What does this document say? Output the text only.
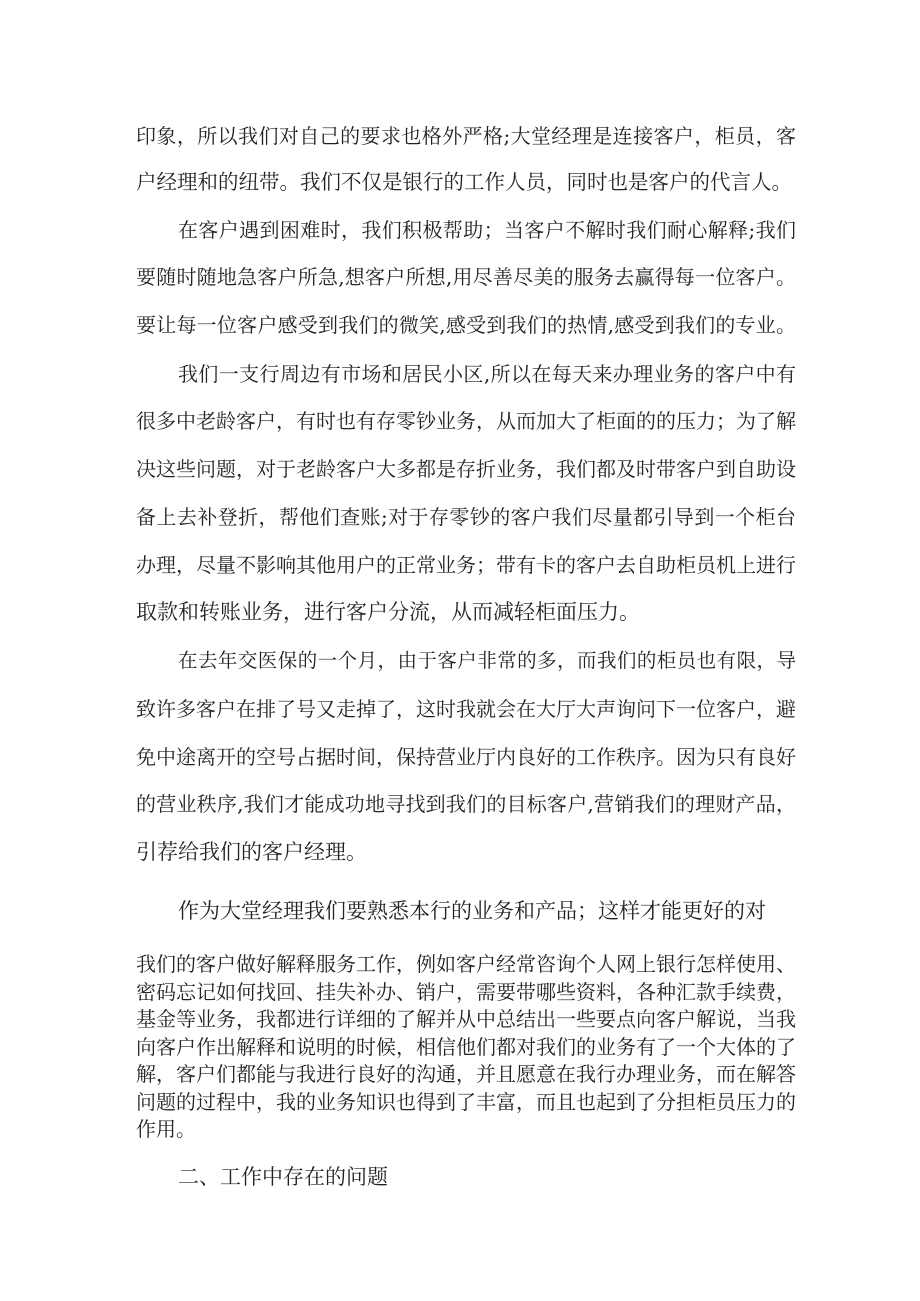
印象，所以我们对自己的要求也格外严格;大堂经理是连接客户，柜员，客
户经理和的纽带。我们不仅是银行的工作人员，同时也是客户的代言人。
在客户遇到困难时，我们积极帮助；当客户不解时我们耐心解释;我们
要随时随地急客户所急,想客户所想,用尽善尽美的服务去赢得每一位客户。
要让每一位客户感受到我们的微笑,感受到我们的热情,感受到我们的专业。
我们一支行周边有市场和居民小区,所以在每天来办理业务的客户中有
很多中老龄客户，有时也有存零钞业务，从而加大了柜面的的压力；为了解
决这些问题，对于老龄客户大多都是存折业务，我们都及时带客户到自助设
备上去补登折，帮他们查账;对于存零钞的客户我们尽量都引导到一个柜台
办理，尽量不影响其他用户的正常业务；带有卡的客户去自助柜员机上进行
取款和转账业务，进行客户分流，从而减轻柜面压力。
在去年交医保的一个月，由于客户非常的多，而我们的柜员也有限，导
致许多客户在排了号又走掉了，这时我就会在大厅大声询问下一位客户，避
免中途离开的空号占据时间，保持营业厅内良好的工作秩序。因为只有良好
的营业秩序,我们才能成功地寻找到我们的目标客户,营销我们的理财产品，
引荐给我们的客户经理。
作为大堂经理我们要熟悉本行的业务和产品；这样才能更好的对
我们的客户做好解释服务工作，例如客户经常咨询个人网上银行怎样使用、
密码忘记如何找回、挂失补办、销户，需要带哪些资料，各种汇款手续费，
基金等业务，我都进行详细的了解并从中总结出一些要点向客户解说，当我
向客户作出解释和说明的时候，相信他们都对我们的业务有了一个大体的了
解，客户们都能与我进行良好的沟通，并且愿意在我行办理业务，而在解答
问题的过程中，我的业务知识也得到了丰富，而且也起到了分担柜员压力的
作用。
二、工作中存在的问题
